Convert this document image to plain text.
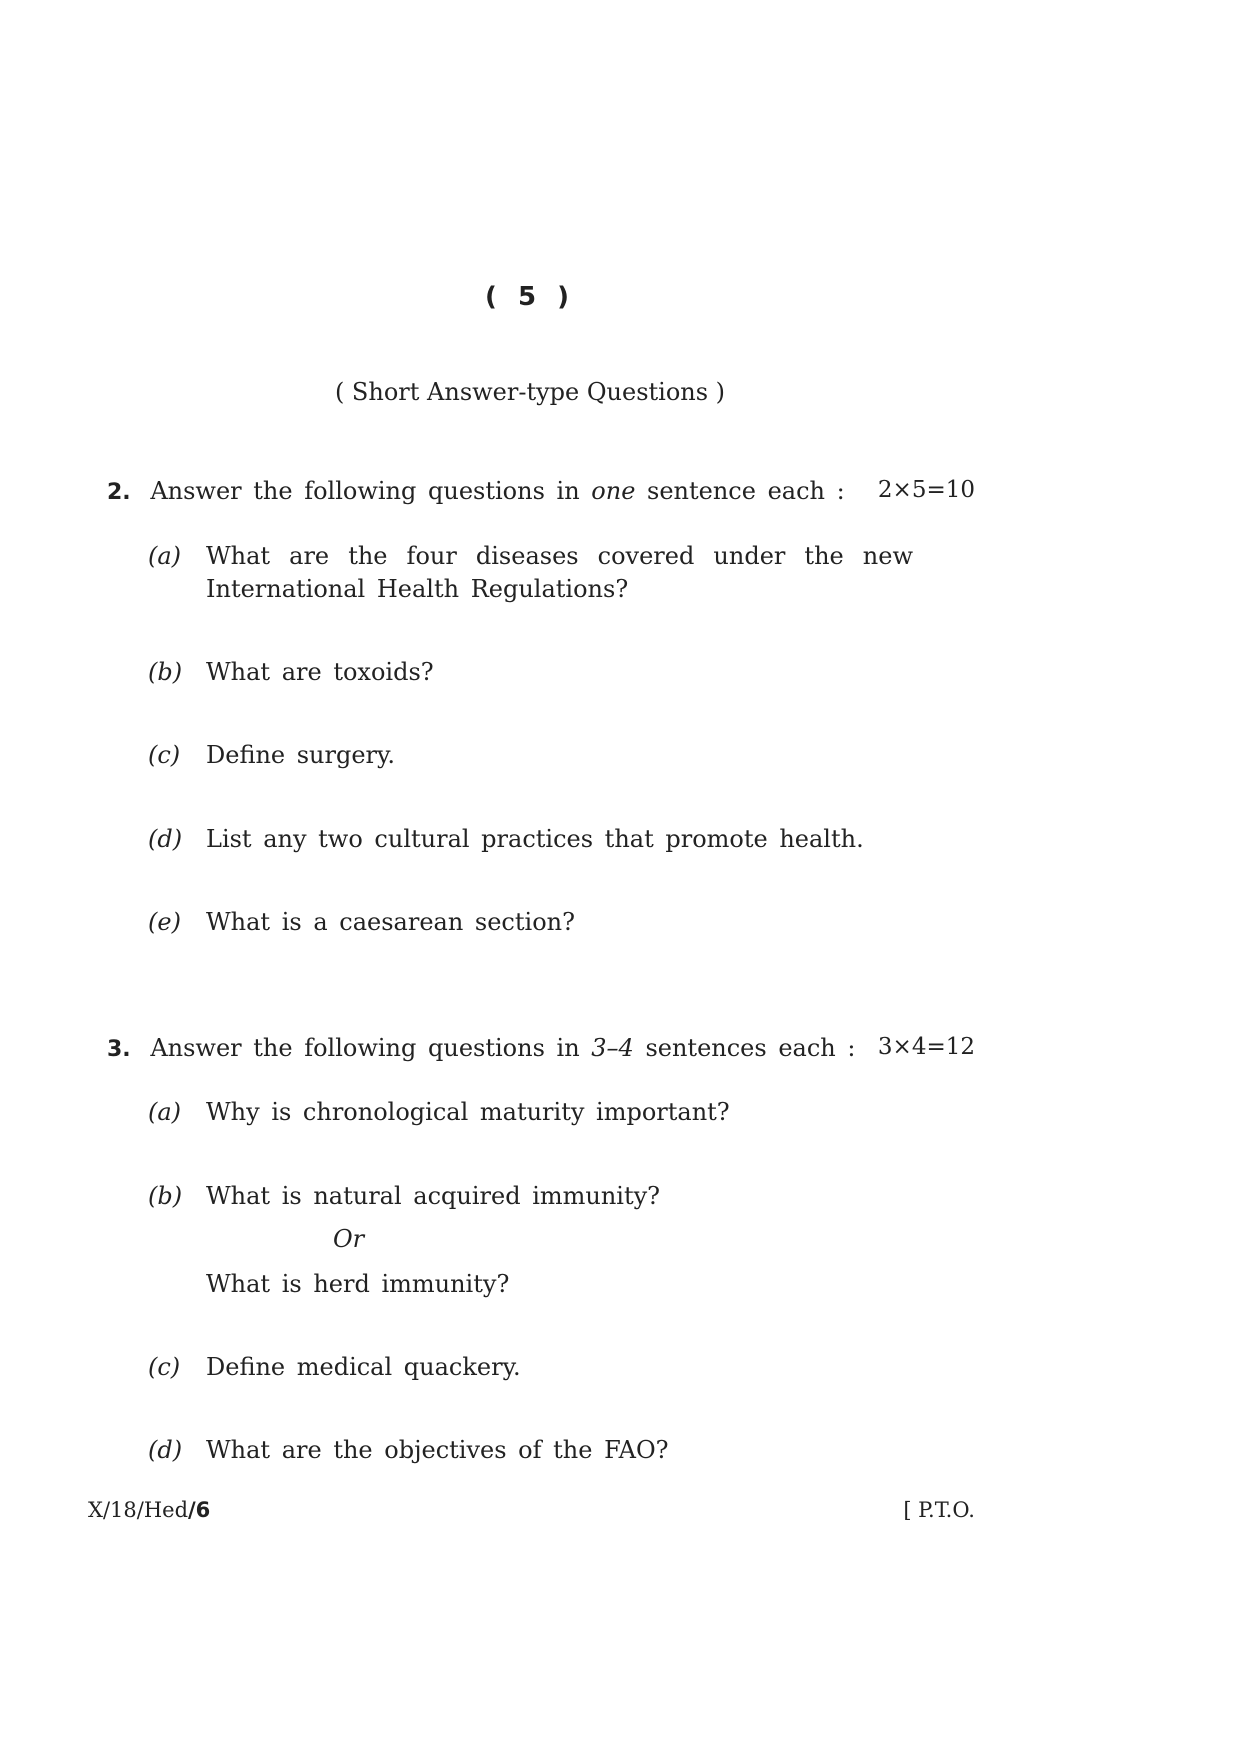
( 5 )
( Short Answer-type Questions )
2. Answer the following questions in one sentence each : 2×5=10
(a) What are the four diseases covered under the new
International Health Regulations?
(b) What are toxoids?
(c) Define surgery.
(d) List any two cultural practices that promote health.
(e) What is a caesarean section?
3. Answer the following questions in 3–4 sentences each : 3×4=12
(a) Why is chronological maturity important?
(b) What is natural acquired immunity?
Or
What is herd immunity?
(c) Define medical quackery.
(d) What are the objectives of the FAO?
X/18/Hed/6	[ P.T.O.
